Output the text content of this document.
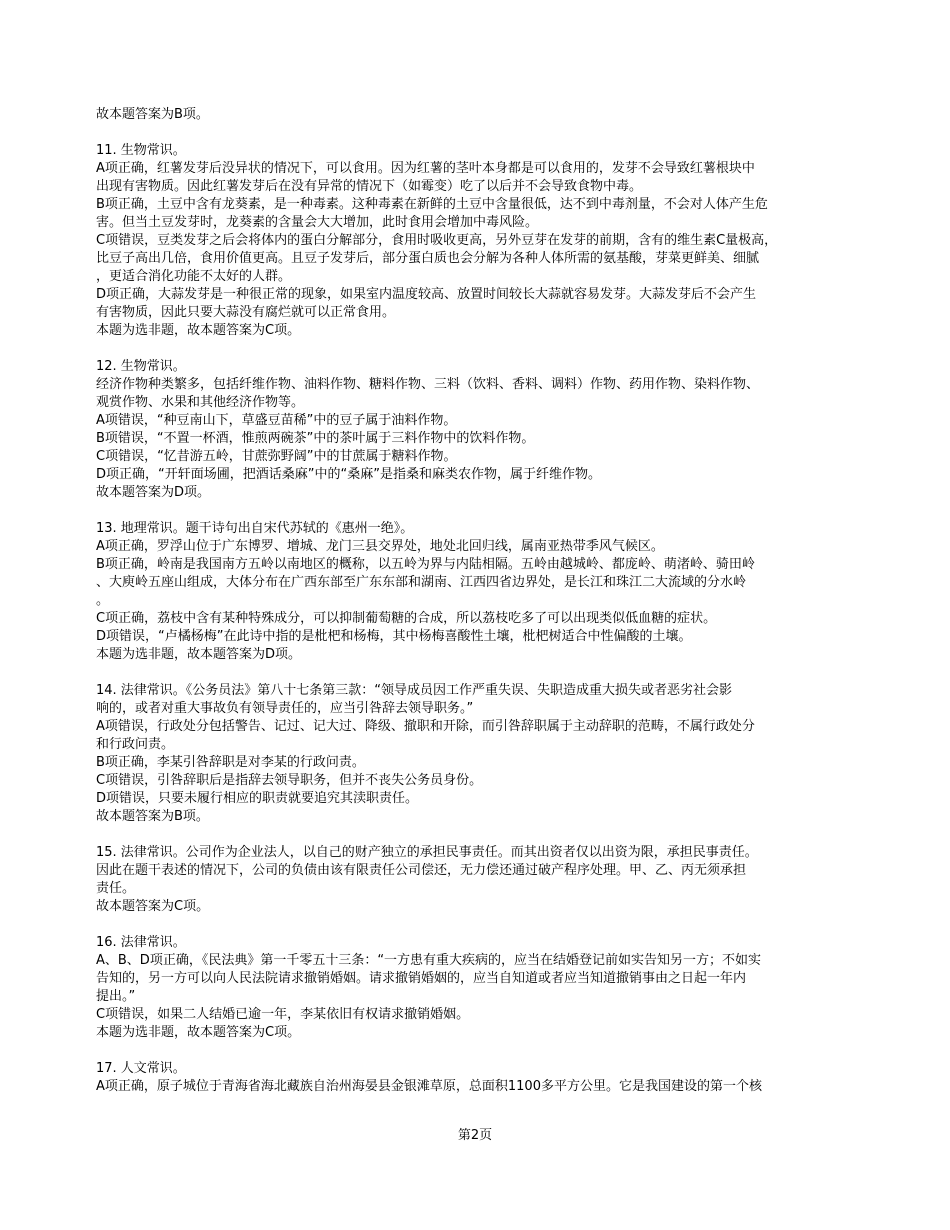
故本题答案为B项。
11. 生物常识。
A项正确，红薯发芽后没异状的情况下，可以食用。因为红薯的茎叶本身都是可以食用的，发芽不会导致红薯根块中
出现有害物质。因此红薯发芽后在没有异常的情况下（如霉变）吃了以后并不会导致食物中毒。
B项正确，土豆中含有龙葵素，是一种毒素。这种毒素在新鲜的土豆中含量很低，达不到中毒剂量，不会对人体产生危
害。但当土豆发芽时，龙葵素的含量会大大增加，此时食用会增加中毒风险。
C项错误，豆类发芽之后会将体内的蛋白分解部分，食用时吸收更高，另外豆芽在发芽的前期，含有的维生素C量极高，
比豆子高出几倍，食用价值更高。且豆子发芽后，部分蛋白质也会分解为各种人体所需的氨基酸，芽菜更鲜美、细腻
，更适合消化功能不太好的人群。
D项正确，大蒜发芽是一种很正常的现象，如果室内温度较高、放置时间较长大蒜就容易发芽。大蒜发芽后不会产生
有害物质，因此只要大蒜没有腐烂就可以正常食用。
本题为选非题，故本题答案为C项。
12. 生物常识。
经济作物种类繁多，包括纤维作物、油料作物、糖料作物、三料（饮料、香料、调料）作物、药用作物、染料作物、
观赏作物、水果和其他经济作物等。
A项错误，“种豆南山下，草盛豆苗稀”中的豆子属于油料作物。
B项错误，“不置一杯酒，惟煎两碗茶”中的茶叶属于三料作物中的饮料作物。
C项错误，“忆昔游五岭，甘蔗弥野阔”中的甘蔗属于糖料作物。
D项正确，“开轩面场圃，把酒话桑麻”中的“桑麻”是指桑和麻类农作物，属于纤维作物。
故本题答案为D项。
13. 地理常识。题干诗句出自宋代苏轼的《惠州一绝》。
A项正确，罗浮山位于广东博罗、增城、龙门三县交界处，地处北回归线，属南亚热带季风气候区。
B项正确，岭南是我国南方五岭以南地区的概称，以五岭为界与内陆相隔。五岭由越城岭、都庞岭、萌渚岭、骑田岭
、大庾岭五座山组成，大体分布在广西东部至广东东部和湖南、江西四省边界处，是长江和珠江二大流域的分水岭
。
C项正确，荔枝中含有某种特殊成分，可以抑制葡萄糖的合成，所以荔枝吃多了可以出现类似低血糖的症状。
D项错误，“卢橘杨梅”在此诗中指的是枇杷和杨梅，其中杨梅喜酸性土壤，枇杷树适合中性偏酸的土壤。
本题为选非题，故本题答案为D项。
14. 法律常识。《公务员法》第八十七条第三款：“领导成员因工作严重失误、失职造成重大损失或者恶劣社会影
响的，或者对重大事故负有领导责任的，应当引咎辞去领导职务。”
A项错误，行政处分包括警告、记过、记大过、降级、撤职和开除，而引咎辞职属于主动辞职的范畴，不属行政处分
和行政问责。
B项正确，李某引咎辞职是对李某的行政问责。
C项错误，引咎辞职后是指辞去领导职务，但并不丧失公务员身份。
D项错误，只要未履行相应的职责就要追究其渎职责任。
故本题答案为B项。
15. 法律常识。公司作为企业法人，以自己的财产独立的承担民事责任。而其出资者仅以出资为限，承担民事责任。
因此在题干表述的情况下，公司的负债由该有限责任公司偿还，无力偿还通过破产程序处理。甲、乙、丙无须承担
责任。
故本题答案为C项。
16. 法律常识。
A、B、D项正确，《民法典》第一千零五十三条：“一方患有重大疾病的，应当在结婚登记前如实告知另一方；不如实
告知的，另一方可以向人民法院请求撤销婚姻。请求撤销婚姻的，应当自知道或者应当知道撤销事由之日起一年内
提出。”
C项错误，如果二人结婚已逾一年，李某依旧有权请求撤销婚姻。
本题为选非题，故本题答案为C项。
17. 人文常识。
A项正确，原子城位于青海省海北藏族自治州海晏县金银滩草原，总面积1100多平方公里。它是我国建设的第一个核
第2页
